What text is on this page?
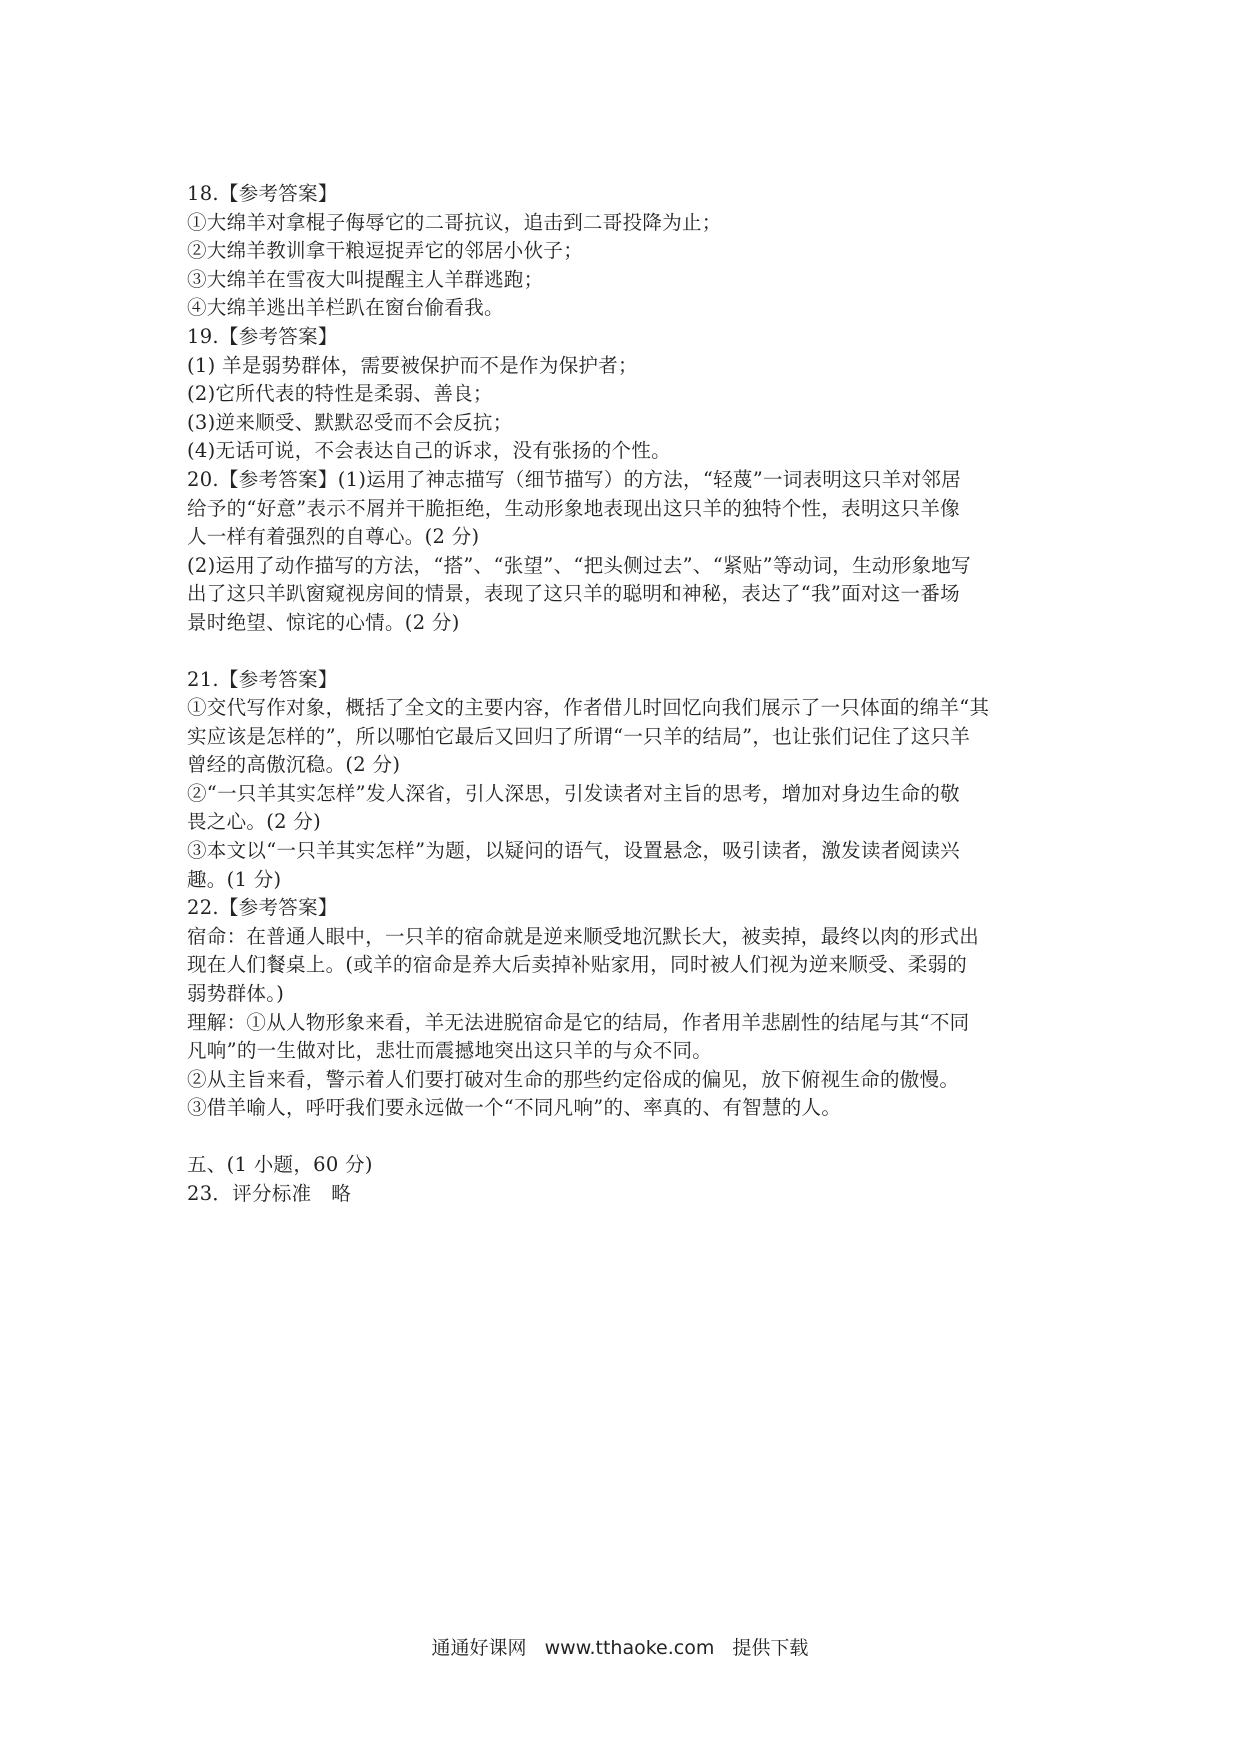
18.【参考答案】
①大绵羊对拿棍子侮辱它的二哥抗议，追击到二哥投降为止；
②大绵羊教训拿干粮逗捉弄它的邻居小伙子；
③大绵羊在雪夜大叫提醒主人羊群逃跑；
④大绵羊逃出羊栏趴在窗台偷看我。
19.【参考答案】
(1) 羊是弱势群体，需要被保护而不是作为保护者；
(2)它所代表的特性是柔弱、善良；
(3)逆来顺受、默默忍受而不会反抗；
(4)无话可说，不会表达自己的诉求，没有张扬的个性。
20.【参考答案】(1)运用了神志描写（细节描写）的方法，“轻蔑”一词表明这只羊对邻居
给予的“好意”表示不屑并干脆拒绝，生动形象地表现出这只羊的独特个性，表明这只羊像
人一样有着强烈的自尊心。(2 分)
(2)运用了动作描写的方法，“搭”、“张望”、“把头侧过去”、“紧贴”等动词，生动形象地写
出了这只羊趴窗窥视房间的情景，表现了这只羊的聪明和神秘，表达了“我”面对这一番场
景时绝望、惊诧的心情。(2 分)
21.【参考答案】
①交代写作对象，概括了全文的主要内容，作者借儿时回忆向我们展示了一只体面的绵羊“其
实应该是怎样的”，所以哪怕它最后又回归了所谓“一只羊的结局”，也让张们记住了这只羊
曾经的高傲沉稳。(2 分)
②“一只羊其实怎样”发人深省，引人深思，引发读者对主旨的思考，增加对身边生命的敬
畏之心。(2 分)
③本文以“一只羊其实怎样”为题，以疑问的语气，设置悬念，吸引读者，激发读者阅读兴
趣。(1 分)
22.【参考答案】
宿命：在普通人眼中，一只羊的宿命就是逆来顺受地沉默长大，被卖掉，最终以肉的形式出
现在人们餐桌上。(或羊的宿命是养大后卖掉补贴家用，同时被人们视为逆来顺受、柔弱的
弱势群体。)
理解：①从人物形象来看，羊无法进脱宿命是它的结局，作者用羊悲剧性的结尾与其“不同
凡响”的一生做对比，悲壮而震撼地突出这只羊的与众不同。
②从主旨来看，警示着人们要打破对生命的那些约定俗成的偏见，放下俯视生命的傲慢。
③借羊喻人，呼吁我们要永远做一个“不同凡响”的、率真的、有智慧的人。
五、(1 小题，60 分)
23．评分标准　略
通通好课网 www.tthaoke.com 提供下载
